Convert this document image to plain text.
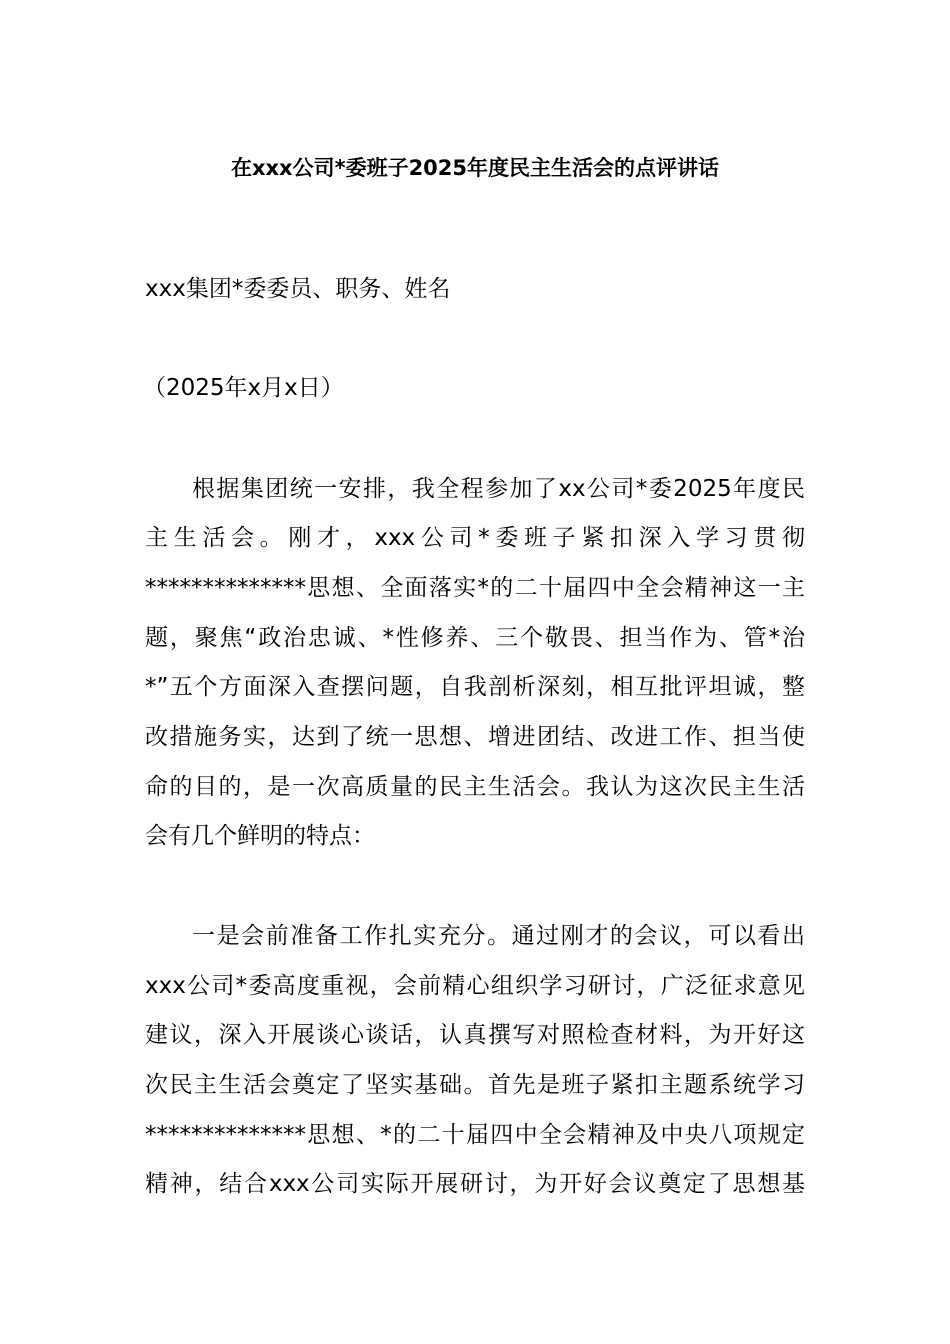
在xxx公司*委班子2025年度民主生活会的点评讲话
xxx集团*委委员、职务、姓名
（2025年x月x日）
根据集团统一安排，我全程参加了xx公司*委2025年度民
主生活会。刚才，xxx公司*委班子紧扣深入学习贯彻
**************思想、全面落实*的二十届四中全会精神这一主
题，聚焦“政治忠诚、*性修养、三个敬畏、担当作为、管*治
*”五个方面深入查摆问题，自我剖析深刻，相互批评坦诚，整
改措施务实，达到了统一思想、增进团结、改进工作、担当使
命的目的，是一次高质量的民主生活会。我认为这次民主生活
会有几个鲜明的特点：
一是会前准备工作扎实充分。通过刚才的会议，可以看出
xxx公司*委高度重视，会前精心组织学习研讨，广泛征求意见
建议，深入开展谈心谈话，认真撰写对照检查材料，为开好这
次民主生活会奠定了坚实基础。首先是班子紧扣主题系统学习
**************思想、*的二十届四中全会精神及中央八项规定
精神，结合xxx公司实际开展研讨，为开好会议奠定了思想基
